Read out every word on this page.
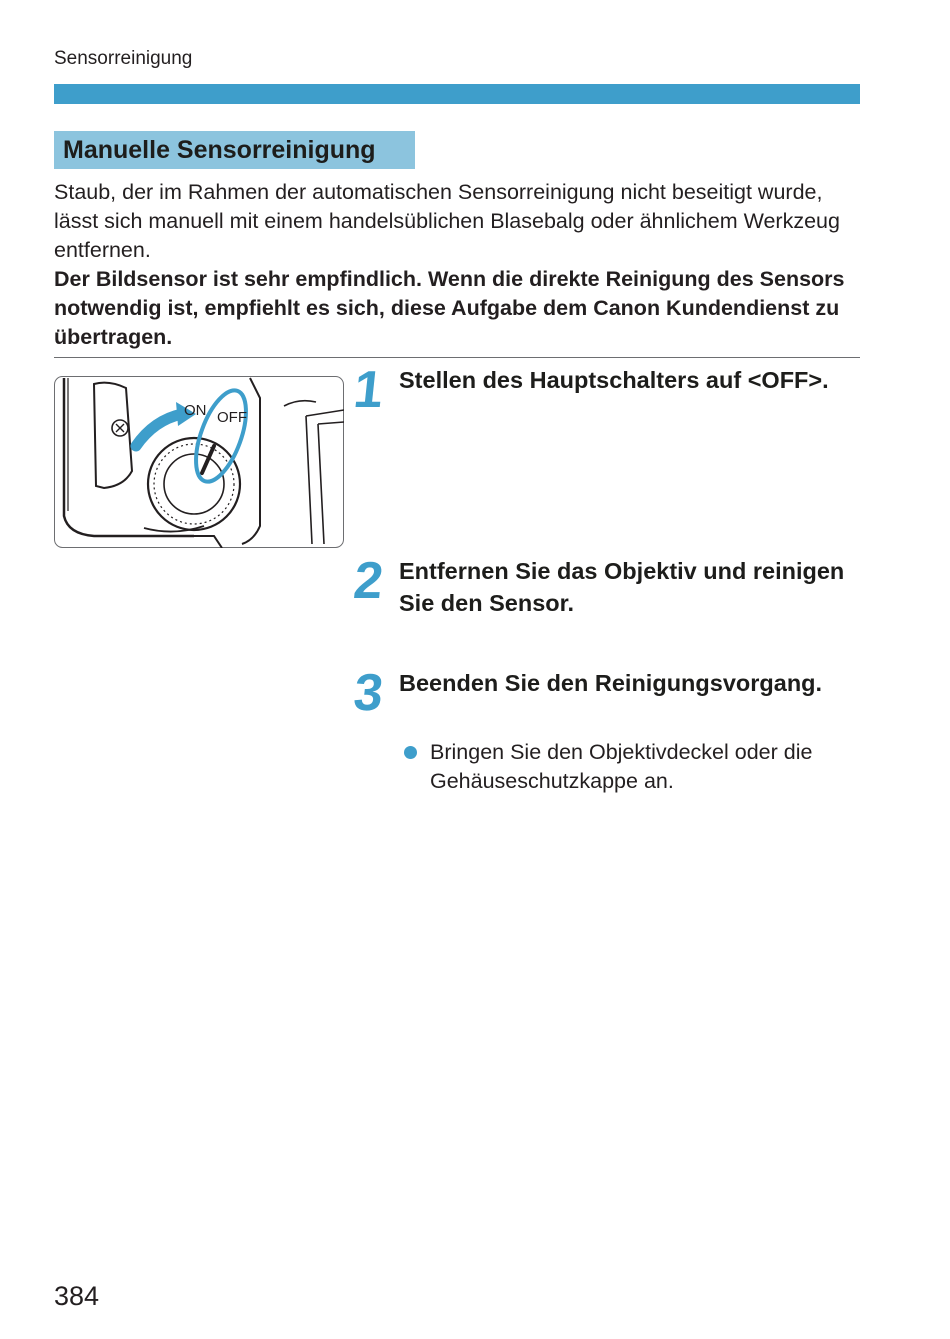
Sensorreinigung
Manuelle Sensorreinigung

Staub, der im Rahmen der automatischen Sensorreinigung nicht beseitigt wurde, lässt sich manuell mit einem handelsüblichen Blasebalg oder ähnlichem Werkzeug entfernen.

Der Bildsensor ist sehr empfindlich. Wenn die direkte Reinigung des Sensors notwendig ist, empfiehlt es sich, diese Aufgabe dem Canon Kundendienst zu übertragen.

ON OFF 1 Stellen des Hauptschalters auf <OFF>.
2 Entfernen Sie das Objektiv und reinigen Sie den Sensor.
3 Beenden Sie den Reinigungsvorgang.
Bringen Sie den Objektivdeckel oder die Gehäuseschutzkappe an.
384
